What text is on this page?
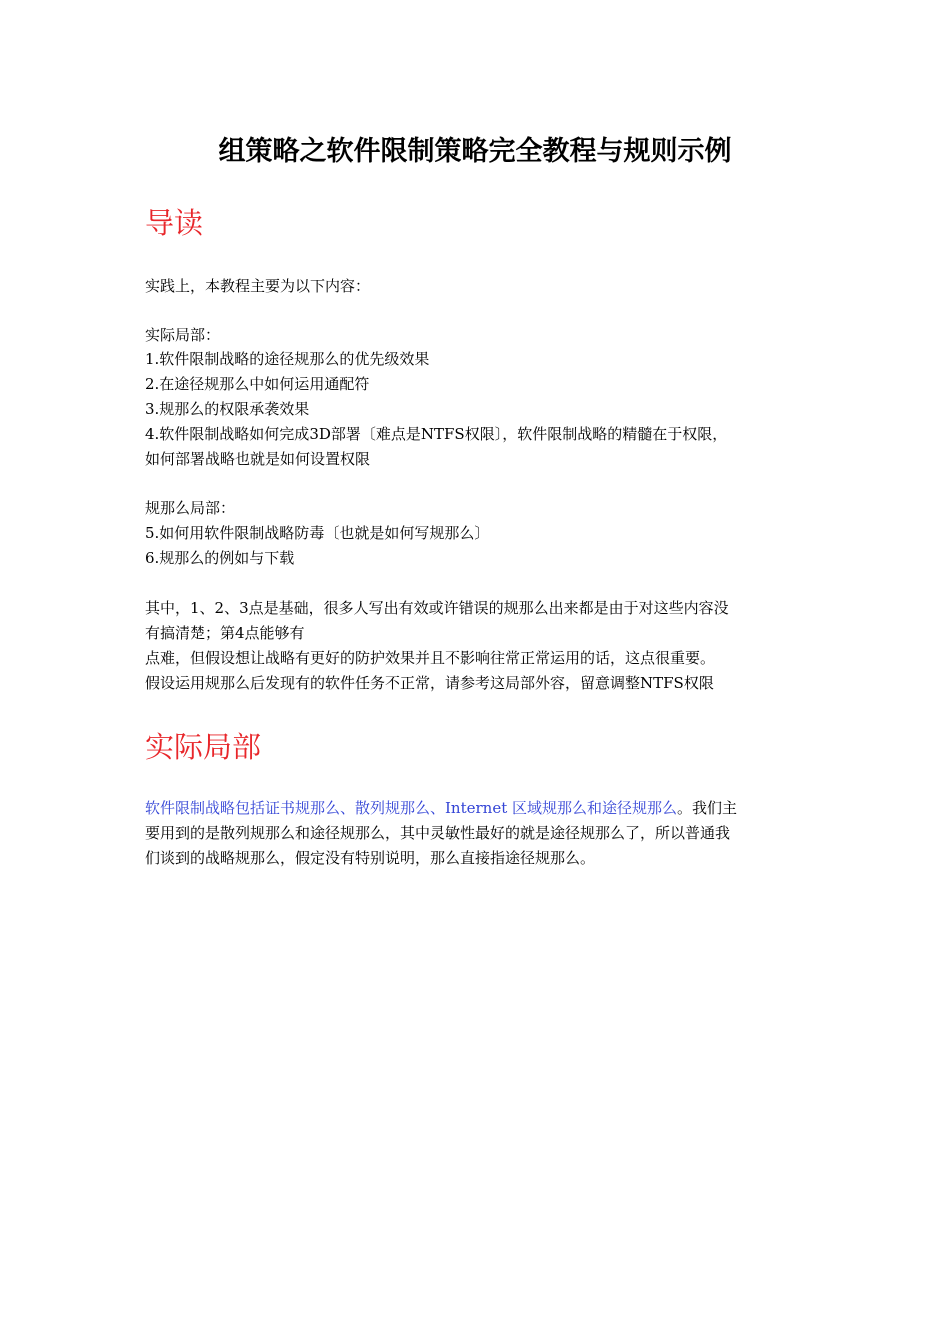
组策略之软件限制策略完全教程与规则示例
导读
实践上，本教程主要为以下内容：
实际局部：
1.软件限制战略的途径规那么的优先级效果
2.在途径规那么中如何运用通配符
3.规那么的权限承袭效果
4.软件限制战略如何完成3D部署〔难点是NTFS权限〕，软件限制战略的精髓在于权限，
如何部署战略也就是如何设置权限
规那么局部：
5.如何用软件限制战略防毒〔也就是如何写规那么〕
6.规那么的例如与下载
其中，1、2、3点是基础，很多人写出有效或许错误的规那么出来都是由于对这些内容没
有搞清楚；第4点能够有
点难，但假设想让战略有更好的防护效果并且不影响往常正常运用的话，这点很重要。
假设运用规那么后发现有的软件任务不正常，请参考这局部外容，留意调整NTFS权限
实际局部
软件限制战略包括证书规那么、散列规那么、Internet 区域规那么和途径规那么。我们主
要用到的是散列规那么和途径规那么，其中灵敏性最好的就是途径规那么了，所以普通我
们谈到的战略规那么，假定没有特别说明，那么直接指途径规那么。
